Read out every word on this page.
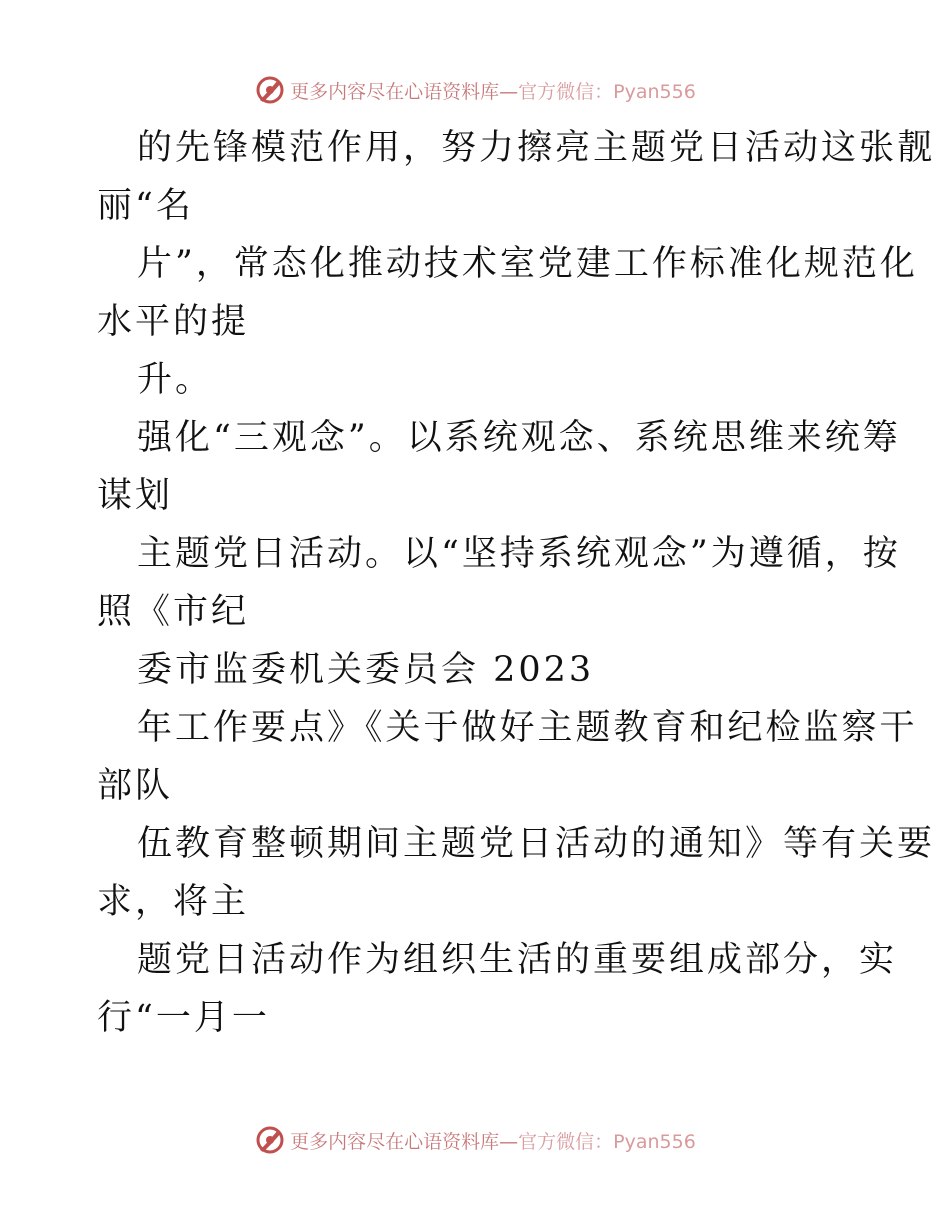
更多内容尽在心语资料库—官方微信：Pyan556
的先锋模范作用，努力擦亮主题党日活动这张靓
丽“名
片”，常态化推动技术室党建工作标准化规范化
水平的提
升。
强化“三观念”。以系统观念、系统思维来统筹
谋划
主题党日活动。以“坚持系统观念”为遵循，按
照《市纪
委市监委机关委员会 2023
年工作要点》《关于做好主题教育和纪检监察干
部队
伍教育整顿期间主题党日活动的通知》等有关要
求，将主
题党日活动作为组织生活的重要组成部分，实
行“一月一
更多内容尽在心语资料库—官方微信：Pyan556
